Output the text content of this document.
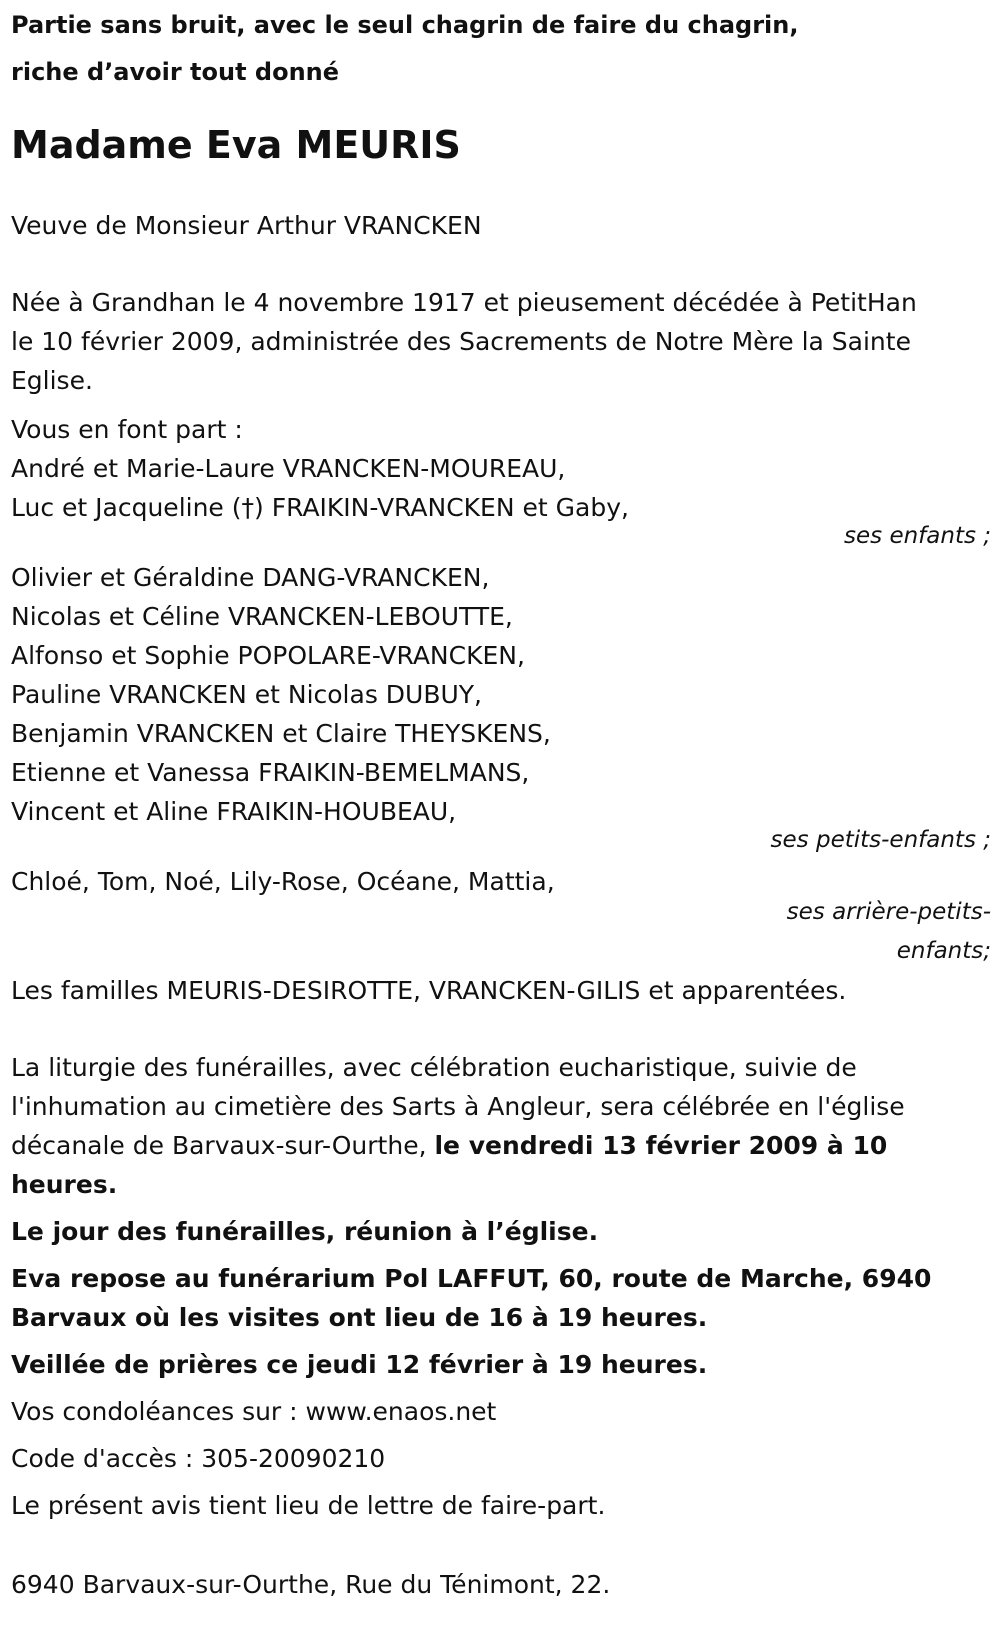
Partie sans bruit, avec le seul chagrin de faire du chagrin,
riche d’avoir tout donné
Madame Eva MEURIS
Veuve de Monsieur Arthur VRANCKEN
Née à Grandhan le 4 novembre 1917 et pieusement décédée à PetitHan
le 10 février 2009, administrée des Sacrements de Notre Mère la Sainte
Eglise.
Vous en font part :
André et Marie-Laure VRANCKEN-MOUREAU,
Luc et Jacqueline (†) FRAIKIN-VRANCKEN et Gaby,
ses enfants ;
Olivier et Géraldine DANG-VRANCKEN,
Nicolas et Céline VRANCKEN-LEBOUTTE,
Alfonso et Sophie POPOLARE-VRANCKEN,
Pauline VRANCKEN et Nicolas DUBUY,
Benjamin VRANCKEN et Claire THEYSKENS,
Etienne et Vanessa FRAIKIN-BEMELMANS,
Vincent et Aline FRAIKIN-HOUBEAU,
ses petits-enfants ;
Chloé, Tom, Noé, Lily-Rose, Océane, Mattia,
ses arrière-petits-
enfants;
Les familles MEURIS-DESIROTTE, VRANCKEN-GILIS et apparentées.
La liturgie des funérailles, avec célébration eucharistique, suivie de
l'inhumation au cimetière des Sarts à Angleur, sera célébrée en l'église
décanale de Barvaux-sur-Ourthe, le vendredi 13 février 2009 à 10
heures.
Le jour des funérailles, réunion à l’église.
Eva repose au funérarium Pol LAFFUT, 60, route de Marche, 6940
Barvaux où les visites ont lieu de 16 à 19 heures.
Veillée de prières ce jeudi 12 février à 19 heures.
Vos condoléances sur : www.enaos.net
Code d'accès : 305-20090210
Le présent avis tient lieu de lettre de faire-part.
6940 Barvaux-sur-Ourthe, Rue du Ténimont, 22.
